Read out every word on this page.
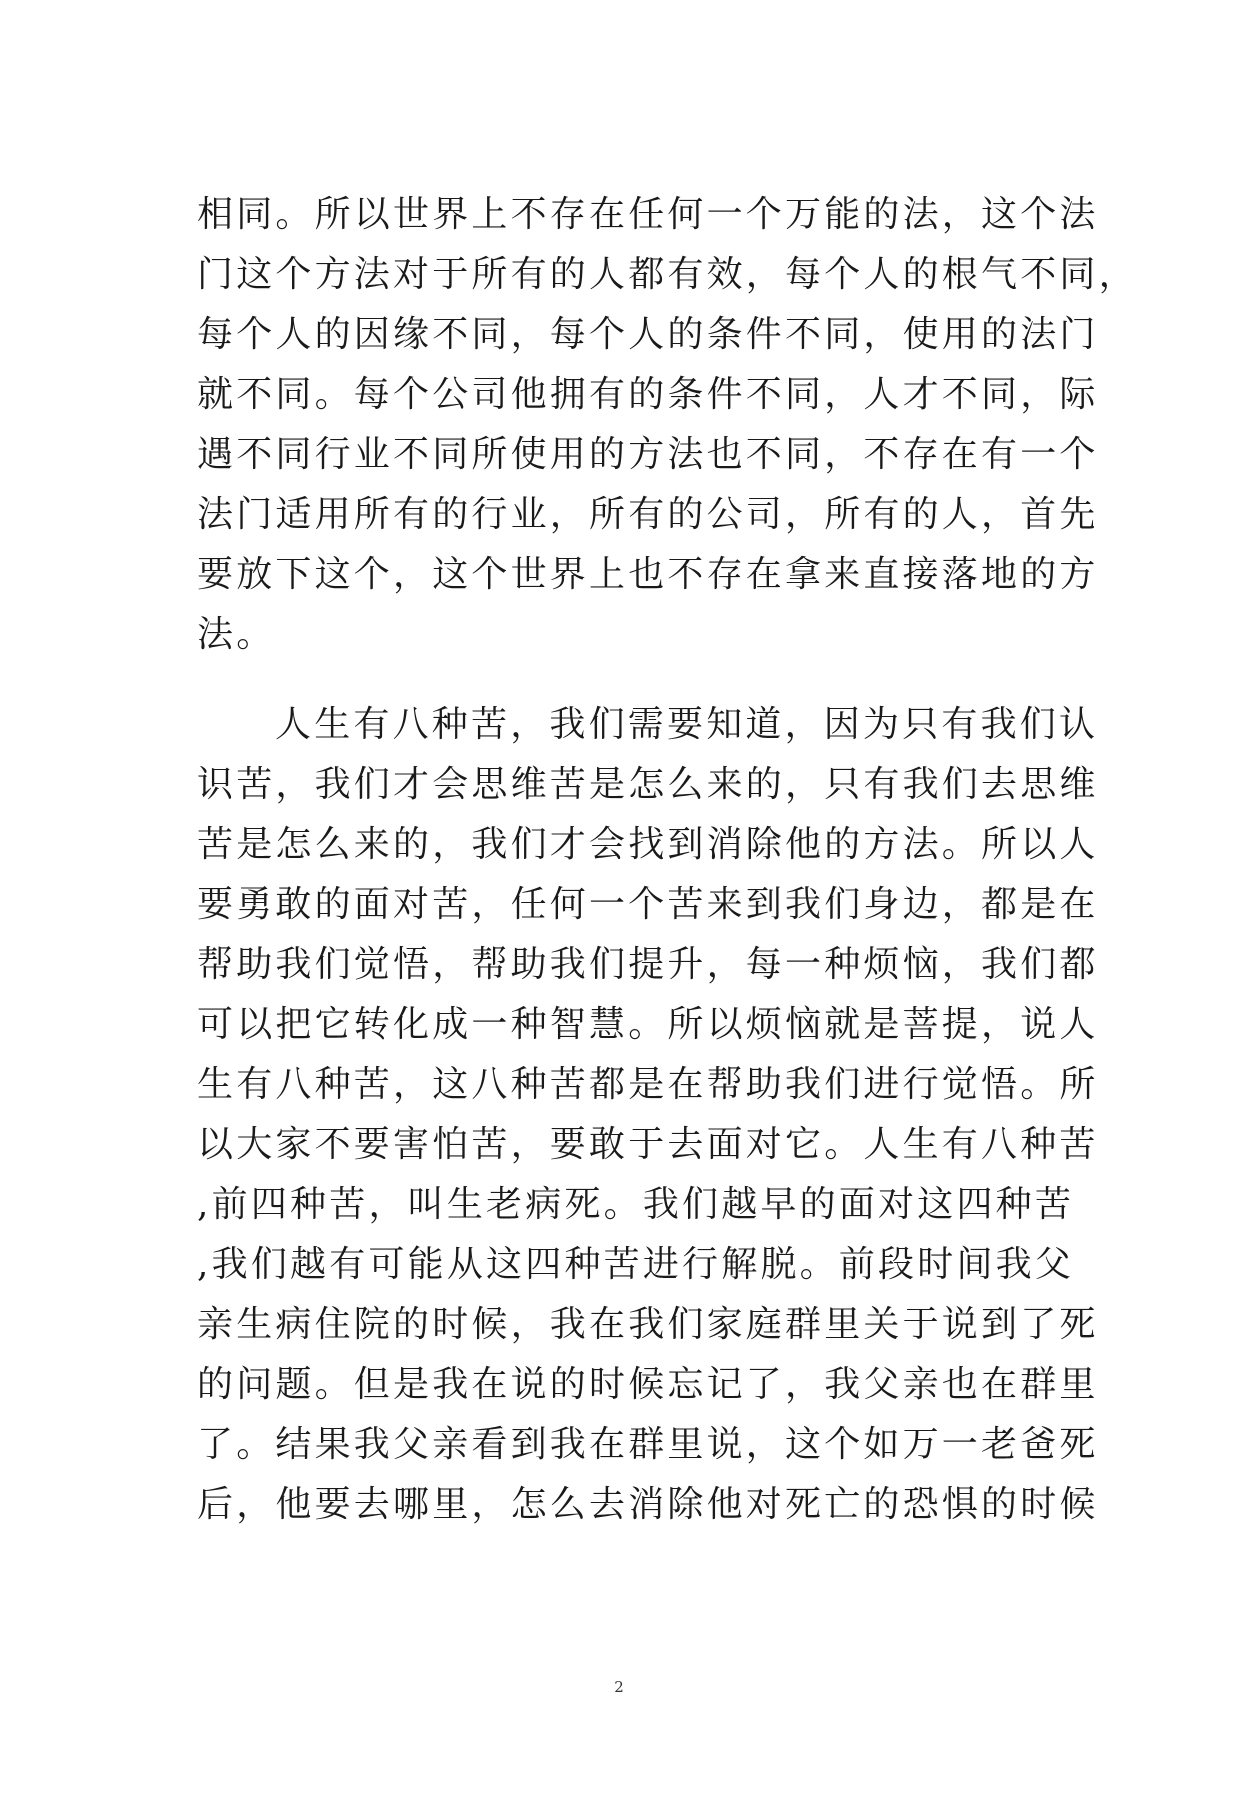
相同。所以世界上不存在任何一个万能的法，这个法
门这个方法对于所有的人都有效，每个人的根气不同，
每个人的因缘不同，每个人的条件不同，使用的法门
就不同。每个公司他拥有的条件不同，人才不同，际
遇不同行业不同所使用的方法也不同，不存在有一个
法门适用所有的行业，所有的公司，所有的人，首先
要放下这个，这个世界上也不存在拿来直接落地的方
法。
人生有八种苦，我们需要知道，因为只有我们认
识苦，我们才会思维苦是怎么来的，只有我们去思维
苦是怎么来的，我们才会找到消除他的方法。所以人
要勇敢的面对苦，任何一个苦来到我们身边，都是在
帮助我们觉悟，帮助我们提升，每一种烦恼，我们都
可以把它转化成一种智慧。所以烦恼就是菩提，说人
生有八种苦，这八种苦都是在帮助我们进行觉悟。所
以大家不要害怕苦，要敢于去面对它。人生有八种苦
,前四种苦，叫生老病死。我们越早的面对这四种苦
,我们越有可能从这四种苦进行解脱。前段时间我父
亲生病住院的时候，我在我们家庭群里关于说到了死
的问题。但是我在说的时候忘记了，我父亲也在群里
了。结果我父亲看到我在群里说，这个如万一老爸死
后，他要去哪里，怎么去消除他对死亡的恐惧的时候
2
